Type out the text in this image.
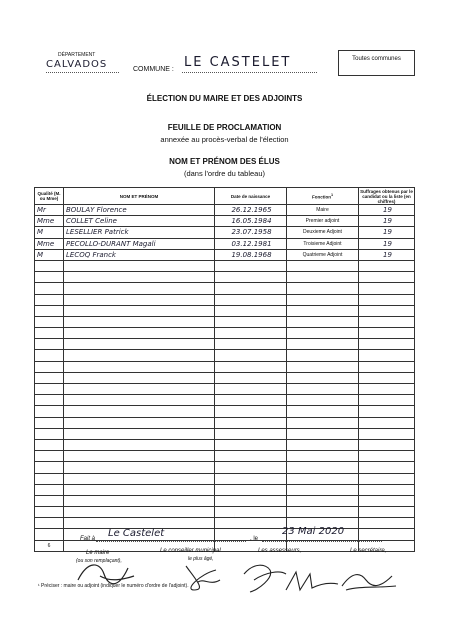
DÉPARTEMENT
CALVADOS	COMMUNE : LE CASTELET	Toutes communes
ÉLECTION DU MAIRE ET DES ADJOINTS
FEUILLE DE PROCLAMATION
annexée au procès-verbal de l'élection
NOM ET PRÉNOM DES ÉLUS
(dans l'ordre du tableau)
Qualité (M. ou Mme)	NOM ET PRÉNOM	Date de naissance	Fonction$^1$	Suffrages obtenus par le candidat ou la liste (en chiffres)
Mr	BOULAY Florence	26.12.1965	Maire	19
Mme	COLLET Celine	16.05.1984	Premier adjoint	19
M	LESELLIER Patrick	23.07.1958	Deuxieme Adjoint	19
Mme	PECOLLO-DURANT Magali	03.12.1981	Troisieme Adjoint	19
M	LECOQ Franck	19.08.1968	Quatrieme Adjoint	19

6				
Fait à Le Castelet	, le
23 Mai 2020
Le maire
(ou son remplaçant),
Le conseiller municipal
le plus âgé,
Les assesseurs,	Le secrétaire,
¹ Préciser : maire ou adjoint (indiquer le numéro d'ordre de l'adjoint).
